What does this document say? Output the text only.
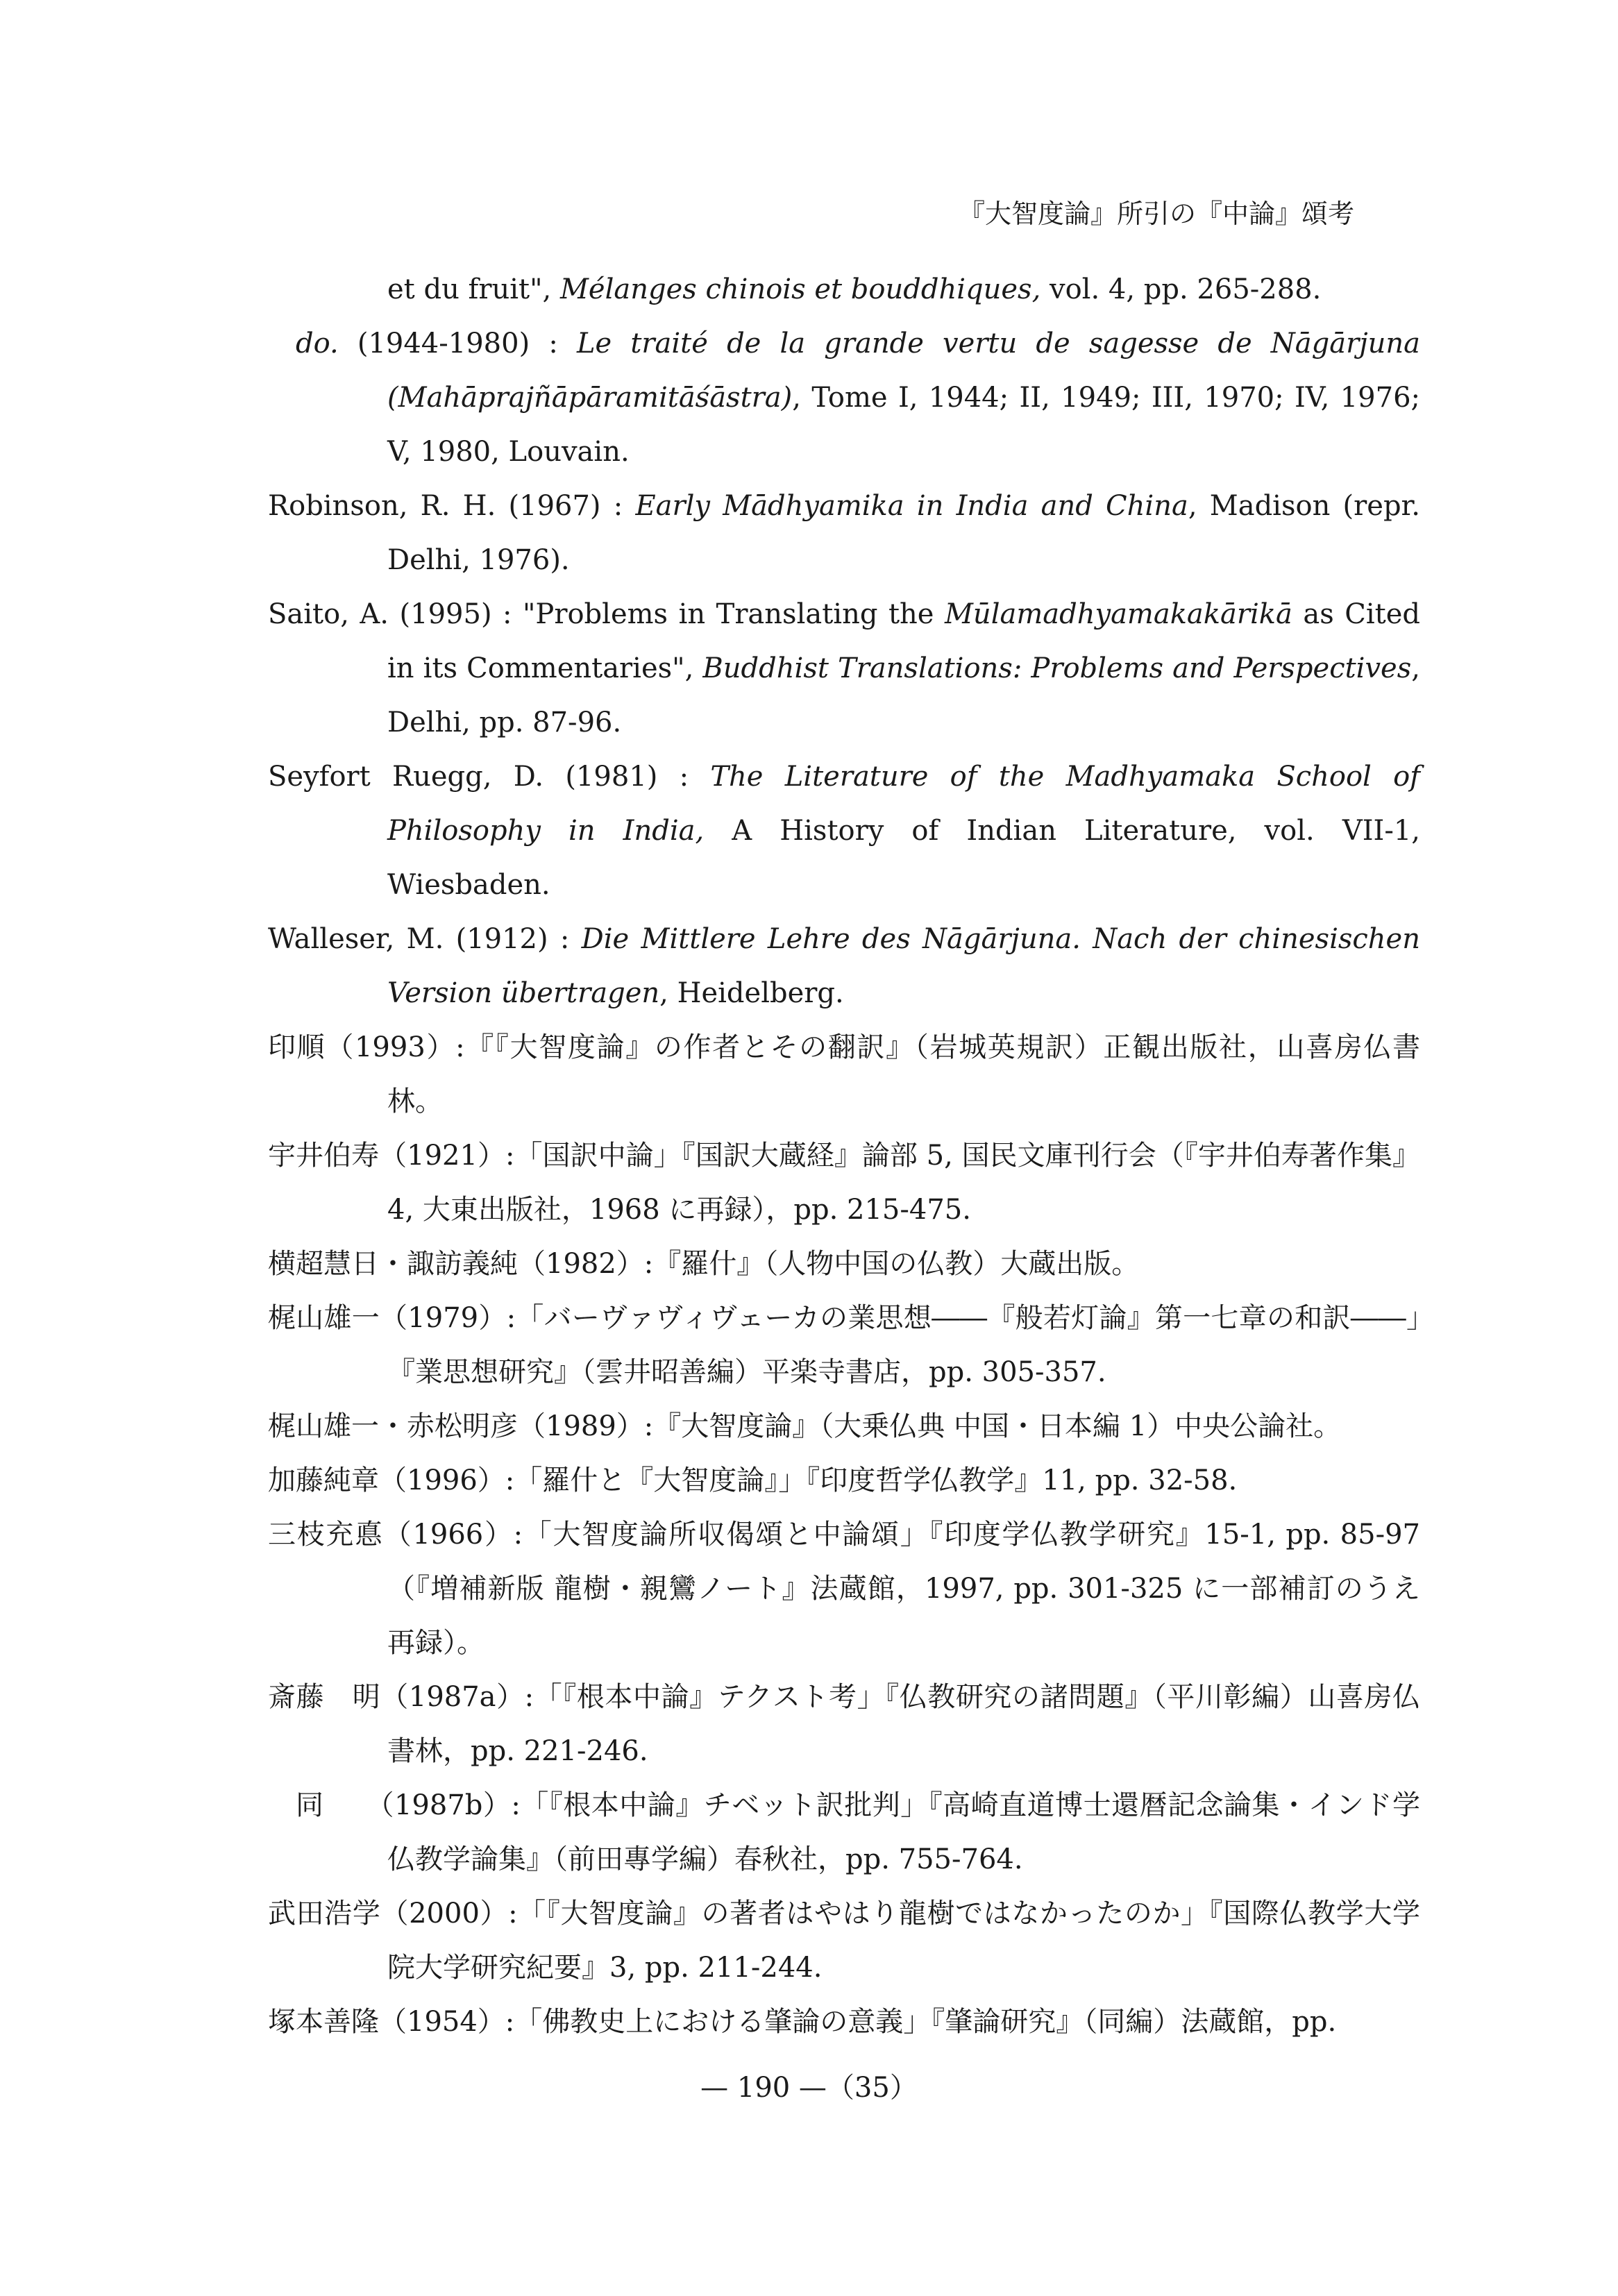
『大智度論』所引の『中論』頌考
et du fruit", Mélanges chinois et bouddhiques, vol. 4, pp. 265-288.
do. (1944-1980) : Le traité de la grande vertu de sagesse de Nāgārjuna (Mahāprajñāpāramitāśāstra), Tome I, 1944; II, 1949; III, 1970; IV, 1976; V, 1980, Louvain.
Robinson, R. H. (1967) : Early Mādhyamika in India and China, Madison (repr. Delhi, 1976).
Saito, A. (1995) : "Problems in Translating the Mūlamadhyamakakārikā as Cited in its Commentaries", Buddhist Translations: Problems and Perspectives, Delhi, pp. 87-96.
Seyfort Ruegg, D. (1981) : The Literature of the Madhyamaka School of Philosophy in India, A History of Indian Literature, vol. VII-1, Wiesbaden.
Walleser, M. (1912) : Die Mittlere Lehre des Nāgārjuna. Nach der chinesischen Version übertragen, Heidelberg.
印順（1993）:『『大智度論』の作者とその翻訳』（岩城英規訳）正観出版社，山喜房仏書林。
宇井伯寿（1921）:「国訳中論」『国訳大蔵経』論部 5, 国民文庫刊行会（『宇井伯寿著作集』4, 大東出版社，1968 に再録），pp. 215-475.
横超慧日・諏訪義純（1982）:『羅什』（人物中国の仏教）大蔵出版。
梶山雄一（1979）:「バーヴァヴィヴェーカの業思想――『般若灯論』第一七章の和訳――」『業思想研究』（雲井昭善編）平楽寺書店，pp. 305-357.
梶山雄一・赤松明彦（1989）:『大智度論』（大乗仏典 中国・日本編 1）中央公論社。
加藤純章（1996）:「羅什と『大智度論』」『印度哲学仏教学』11, pp. 32-58.
三枝充悳（1966）:「大智度論所収偈頌と中論頌」『印度学仏教学研究』15-1, pp. 85-97（『増補新版 龍樹・親鸞ノート』法蔵館，1997, pp. 301-325 に一部補訂のうえ再録）。
斎藤　明（1987a）:「『根本中論』テクスト考」『仏教研究の諸問題』（平川彰編）山喜房仏書林，pp. 221-246.
同　　（1987b）:「『根本中論』チベット訳批判」『高崎直道博士還暦記念論集・インド学仏教学論集』（前田專学編）春秋社，pp. 755-764.
武田浩学（2000）:「『大智度論』の著者はやはり龍樹ではなかったのか」『国際仏教学大学院大学研究紀要』3, pp. 211-244.
塚本善隆（1954）:「佛教史上における肇論の意義」『肇論研究』（同編）法蔵館，pp.
— 190 —（35）
